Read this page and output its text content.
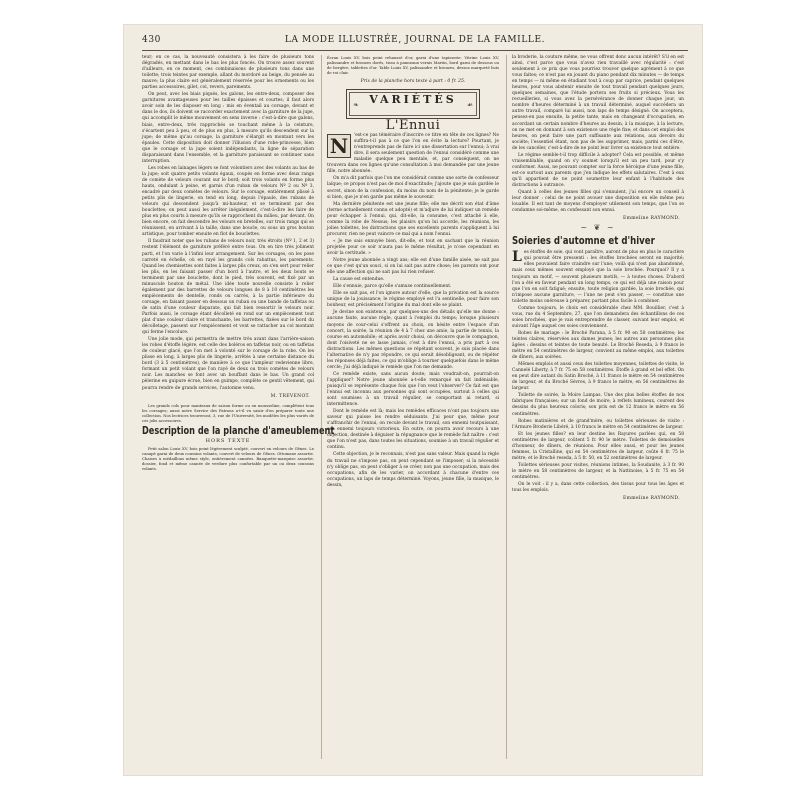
430	LA MODE ILLUSTRÉE, JOURNAL DE LA FAMILLE.

teur; en ce cas, la nouveauté consistera à les faire de plusieurs tons dégradés, en mettant dans le bas les plus foncés. On trouve assez souvent d'ailleurs, en ce moment, ces combinaisons de plusieurs tons dans une toilette; trois teintes par exemple, allant du mordoré au beige, du pensée au mauve; la plus claire est généralement réservée pour les ornements ou les parties accessoires, gilet, col, revers, parements.

On peut, avec les biais piqués, les galons, les entre-deux, composer des garnitures avantageuses pour les tailles épaisses et courtes; il faut alors avoir soin de les disposer en long : mis en éventail au corsage, devant et dans le dos, ils doivent se raccorder exactement avec la garniture de la jupe, qui accomplit le même mouvement en sens inverse : c'est-à-dire que galons, biais, entre-deux, très rapprochés se touchant même à la ceinture, s'écartent peu à peu, et de plus en plus, à mesure qu'ils descendent sur la jupe; de même qu'au corsage, la garniture s'élargit en montant vers les épaules. Cette disposition doit donner l'illusion d'une robe-princesse, bien que le corsage et la jupe soient indépendants, la ligne de séparation disparaissant dans l'ensemble, et la garniture paraissant se continuer sans interruption.

Les robes en lainages légers se font volontiers avec des volants au bas de la jupe; soit quatre petits volants égaux, coupés en forme avec deux rangs de comète de velours courant sur le bord; soit trois volants en forme plus hauts, ondulant à peine, et garnis d'un ruban de velours Nº 2 ou Nº 3, encadré par deux comètes de velours. Sur le corsage, entièrement plissé à petits plis de lingerie, on tend en long, depuis l'épaule, des rubans de velours qui descendent jusqu'à mi-hauteur, et se terminent par des bouclettes; on peut aussi les arrêter inégalement, c'est-à-dire les faire de plus en plus courts à mesure qu'ils se rapprochent du milieu, par devant. On bien encore, on fait descendre les velours en bretelles, sur trois rangs qui se réunissent, en arrivant à la taille, dans une boucle, ou sous un gros bouton artistique, pour tomber ensuite en flot de bouclettes.

Il faudrait noter que les rubans de velours noir, très étroits (Nº 1, 2 et 3) restent l'élément de garniture préféré entre tous. On en tire très joliment parti, et l'on varie à l'infini leur arrangement. Sur les corsages, on les pose carreté en échelle, où en rayé les grands cols rabattus, les parements. Quand les chemisettes sont faites à larges plis creux, on s'en sert pour relier les plis, en les faisant passer d'un bord à l'autre, et les deux bouts se terminent par une bouclette, dont le pied, très souvent, est fixé par un minuscule bouton de métal. Une idée toute nouvelle consiste à relier également par des barrettes de velours longues de 8 à 10 centimètres les empiècements de dentelle, ronds ou carrés, à la partie inférieure du corsage, en faisant passer en dessous un ruban ou une bande de taffetas ou de satin d'une couleur disparate, qui fait bien ressortir le velours noir. Parfois aussi, le corsage étant décolleté en rond sur un empiècement tout plat d'une couleur claire et tranchante, les barrettes, fixées sur le bord du décolletage, passent sur l'empiècement et vont se rattacher au col montant qui ferme l'encolure.

Une jolie mode, qui permettra de mettre très avant dans l'arrière-saison les robes d'étoffe légère, est celle des boléros en taffetas noir, ou en taffetas de couleur glacé, que l'on met à volonté sur le corsage de la robe. On les plisse en long, à larges plis de lingerie, arrêtés à une certaine distance du bord (3 à 5 centimètres), de manière à ce que l'ampleur redevienne libre, formant un petit volant que l'on rayé de deux ou trois comètes de velours noir. Les manches se font avec un bouffant dans le bas. Un grand col pèlerine en guipure écrue, bien en guimpe, complète ce gentil vêtement, qui pourra rendre de grands services, l'automne venu.

M. TREVENOT.

Les grands cols pour manteaux de saison forme ou en mousseline, complètent tous les corsages; aussi notre Service des Patrons a-t-il vu saisir d'en préparer toute une collection. Nos lectrices trouveront, 3, rue de l'Université, les modèles les plus variés de ces jolis accessoires.

Description de la planche d'ameublement
HORS TEXTE

Petit salon Louis XV, bois peint légèrement sculpté, couvert en velours de Gênes. Le canapé garni de deux coussins volants, couvert de velours de Gênes. Ottomane assortie. Chaises à médaillons même style, entièrement cannées. Banquette-marquise assortie, dossier, fond et même cannée de verdure plus confortable par un ou deux coussins volants.

Écran Louis XV, bois peint rehaussé d'or, garni d'une tapisserie. Vitrine Louis XV, palissandre et bronzes dorés, tissu à panneaux vernis Martin, bord garni de dessous ou de bergère, tablettes d'or. Table Louis XV, palissandre et bronzes, dessus marqueté bois de roi clair.

Prix de la planche hors texte à part : 0 fr. 25.
❧ VARIÉTÉS	☙
L'Ennui

N	'est-ce pas téméraire d'inscrire ce titre en tête de ces lignes? Ne suffira-t-il pas à ce que l'on en évite la lecture? Pourtant, je n'entreprends pas de faire ici une dissertation sur l'ennui; à vrai dire, il sera seulement question de l'ennui considéré comme une maladie quelque peu mentale, et, par conséquent, on ne trouvera dans ces lignes qu'une consultation à moi demandée par une jeune fille, notre abonnée.

On m'a dit parfois que l'on me considérait comme une sorte de confesseur laïque; ce propos n'est pas de moi d'exactitude; j'ajoute que je suis gardée le secret, sinon de la confession, du moins du nom de la pénitente; je le garde si bien, que je n'en garde pas même le souvenir.

Ma dernière pénitente est une jeune fille; elle me décrit son état d'âme (terme actuellement connu et adopté) et m'adjure de lui indiquer un remède pour échapper à l'ennui, qui, dit-elle, la consume, c'est attaché à elle, comme la robe de Nessus; les plaisirs qu'on lui accorde, les réunions, les jolies toilettes, les distractions que ses excellents parents s'appliquent à lui procurer, rien ne peut vaincre ce mal qui a nom l'ennui.

« Je me sais ennuyée bien, dit-elle, et tout en sachant que la réunion projetée pour ce soir n'aura pas le même résultat, je n'ose cependant en avoir la certitude. »

Notre jeune abonnée a vingt ans; elle est d'une famille aisée, ne sait pas ce que c'est qu'un souci, si on lui sait pas autre chose; les parents ont pour elle une affection qui ne sait pas lui rien refuser.

La cause est entendue.

Elle s'ennuie, parce qu'elle s'amuse continuellement.

Elle se sait pas, et l'on ignore autour d'elle, que la privation est la source unique de la jouissance; le régime employé est l'a sentinelle, pour faire son bonheur, est précisément l'origine du mal dont elle se plaint.

Je devine son existence, par quelques-uns des détails qu'elle me donne : aucune faute, aucune règle, quant à l'emploi du temps; lorsque plusieurs moyens de cour-celui s'offrent au choix, on hésite entre l'espace d'un concert, la soirée, la réunion de 4 à 7 chez une amie, la partie de tennis, la course en automobile; et après avoir choisi, on découvre que le compagnon, dont l'oisiveté ne se lasse jamais, c'est à dire l'ennui, a pris part à ces distractions. Les mêmes questions se répétant souvent, je suis placée dans l'alternative de n'y pas répondre, ce qui serait désobligeant, ou de répéter les réponses déjà faites, ce qui m'oblige à tourner quelquefois dans le même cercle; j'ai déjà indiqué le remède que l'on me demande.

Ce remède existe, sans aucun doute; mais voudrait-on, pourrait-on l'appliquer? Notre jeune abonnée a-t-elle remarqué un fait indéniable, puisqu'il se représente chaque fois que l'on veut l'observer? Ce fait est que l'ennui est inconnu aux personnes qui sont occupées, surtout à celles qui sont soumises à un travail régulier, se comportant ai retard, si intermittence.

Dont le remède est là; mais les remèdes efficaces n'ont pas toujours une saveur qui puisse les rendre séduisants. J'ai peur que, même pour s'affranchir de l'ennui, on recule devant le travail, son ennemi toutpuissant, son ennemi toujours victorieux. En outre, on pourra avoir recours à une objection, destinée à déguiser la répugnance que le remède fait naître : c'est que l'on n'est pas, dans toutes les situations, soumise à un travail régulier et continu.

Cette objection, je le reconnais, n'est pas sans valeur. Mais quand la règle du travail ne s'impose pas, on peut cependant se l'imposer; si la nécessité n'y oblige pas, on peut s'obliger à se créer, non pas une occupation, mais des occupations, afin de les varier, on accordant à chacune d'entre ces occupations, un laps de temps déterminé. Voyons, jeune fille, la musique, le dessin,

la broderie, la couture même, ne vous offrent donc aucun intérêt? S'il en est ainsi, c'est parce que vous n'avez rien travaillé avec régularité : c'est seulement à ce prix que vous pourriez trouver quelque agrément à ce que vous faites; ce n'est pas en jouant du piano pendant dix minutes — de temps en temps — ni même en étudiant tout à coup par caprice, pendant quelques heures, pour vous abstenir ensuite de tout travail pendant quelques jours, quelques semaines, que l'étude portera ses fruits si précieux. Vous les recueilleriez, si vous avez la persévérance de donner chaque jour, un nombre d'heures déterminé à un travail déterminé, auquel succédera un autre travail, comparé lui aussi, non laps de temps désigné. On acceptera, pensez-en pas ensuite, la petite tante, mais en changeant d'occupation, en accordant un certain nombre d'heures au dessin, à la musique, à la lecture, on ne met en donnant à son existence une règle fixe; et dans cet emploi des heures, on peut faire une part suffisante aux relations, aux devoirs du sociéte; l'essentiel étant, non pas de les supprimer, mais, parmi ces d'être, de les cancéler, c'est-à-dire de ne point leur livrer sa existence tout entière.

Le régime semble-t-il trop difficile à adopter? Cela est possible, et même vraisemblable, quand on s'y soumet lorsqu'il est un peu tard, pour s'y conformer. Aussi, ne pouvant compter sur la force héroïque d'une jeune fille, est-ce surtout aux parents que j'en indique les effets salutaires. C'est à eux qu'il appartient de ne point soumettre leur enfant à l'habitude des distractions à outrance.

Quant à celles des jeunes filles qui s'ennuient, j'ai encore un conseil à leur donner : celui de ne point avouer une disposition en elle même peu louable. Il est tant de moyens d'employer utilement son temps, que l'on se condamne soi-même, en confessant son ennui.

Emmeline RAYMOND.
~ ❦ ~
Soieries d'automne et d'hiver

Les étoffes de soie, qui vont paraître, auront de plus en plus le caractère qui pouvait être pressenti : les étoffes brochées seront en majorité; elles pouvaient faire craindre sur l'une; voilà qui n'est pas abandonné, mais ceux mêmes souvent employé que la soie brochée. Pourquoi? Il y a toujours un motif, — souvent plusieurs motifs, — à toutes choses. D'abord l'on a été en faveur pendant un long temps, ce qui est déjà une raison pour que l'on en soit fatigué; ensuite, toute religion gardée, la soie brochée, qui n'impose aucune garniture, — l'une ne peut s'en passer, — constitue une toilette moins onéreuse à préparer, partant plus facile à combiner.

Comme toujours, le choix est considérable chez MM. Bouillier, c'est à vous, rue du 4 Septembre, 27, que l'on demandera des échantillons de ces soies brochées, que je vais entreprendre de classer, suivant leur emploi, et suivant l'âge auquel ces soies conviennent.

Robes de mariage : le Broché Parana, à 5 fr. 90 en 58 centimètres; les teintes claires, réservées aux dames jeunes; les autres aux personnes plus âgées : dessins et teintes de toute beauté. Le Broché Reseda, à 9 francs le mètre en 54 centimètres de largeur, convient au même emploi, aux toilettes de dîners, aux soirées.

Mêmes emplois et aussi ceux des toilettes moyennes, toilettes de visite, le Cannelé Liberty, à 7 fr. 75 en 58 centimètres. Étoffe à grand et bel effet. On en peut dire autant du Satin Broché, à 11 francs le mètre en 54 centimètres de largeur, et du Broché Sèvres, à 9 francs le mètre, en 56 centimètres de largeur.

Toilette de soirée, la Moire Lampas. Une des plus belles étoffes de nos fabriques françaises; sur un fond de moire, à reflets lumineux, courent des dessins du plus heureux coloris; son prix est de 12 francs le mètre en 56 centimètres.

Robes matinières et de grand'mère, ou toilettes sérieuses de visite : l'Armure Broderie Libéré, à 10 francs le mètre en 54 centimètres de largeur.

Et les jeunes filles? en leur destine les Rayures parlées qui, en 58 centimètres de largeur, coûtent 5 fr. 90 le mètre. Toilettes de demoiselles d'honneur, de dîners, de réunions. Pour elles aussi, et pour les jeunes femmes, la Cristalline, qui en 54 centimètres de largeur, coûte 6 fr. 75 le mètre; et le Broché reseda, à 5 fr. 50, en 52 centimètres de largeur.

Toilettes sérieuses pour visites, réunions intimes, la Soudanite, à 3 fr. 90 le mètre en 58 centimètres de largeur, et la Nattinoise, à 5 fr. 75 en 54 centimètres.

On le voit : il y a, dans cette collection, des tissus pour tous les âges et tous les emplois.

Emmeline RAYMOND.
